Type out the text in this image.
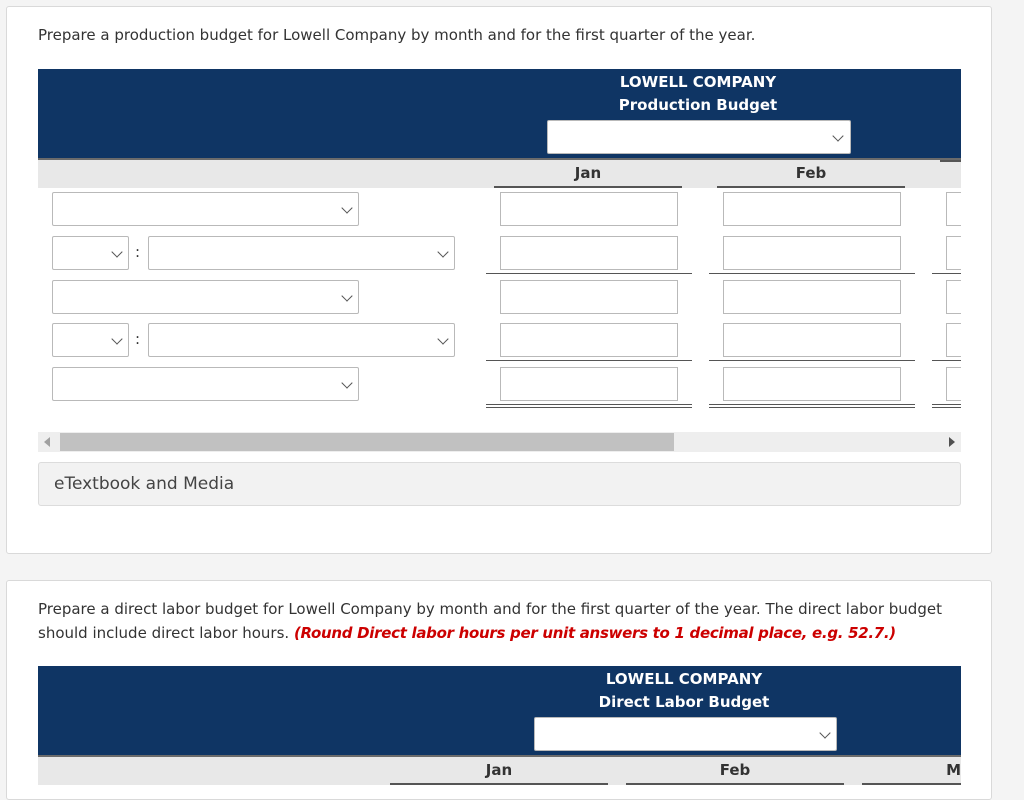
Prepare a production budget for Lowell Company by month and for the first quarter of the year.
LOWELL COMPANY
Production Budget
Jan	Feb
:
:
eTextbook and Media
Prepare a direct labor budget for Lowell Company by month and for the first quarter of the year. The direct labor budget should include direct labor hours. (Round Direct labor hours per unit answers to 1 decimal place, e.g. 52.7.)
LOWELL COMPANY
Direct Labor Budget
Jan	Feb	M
